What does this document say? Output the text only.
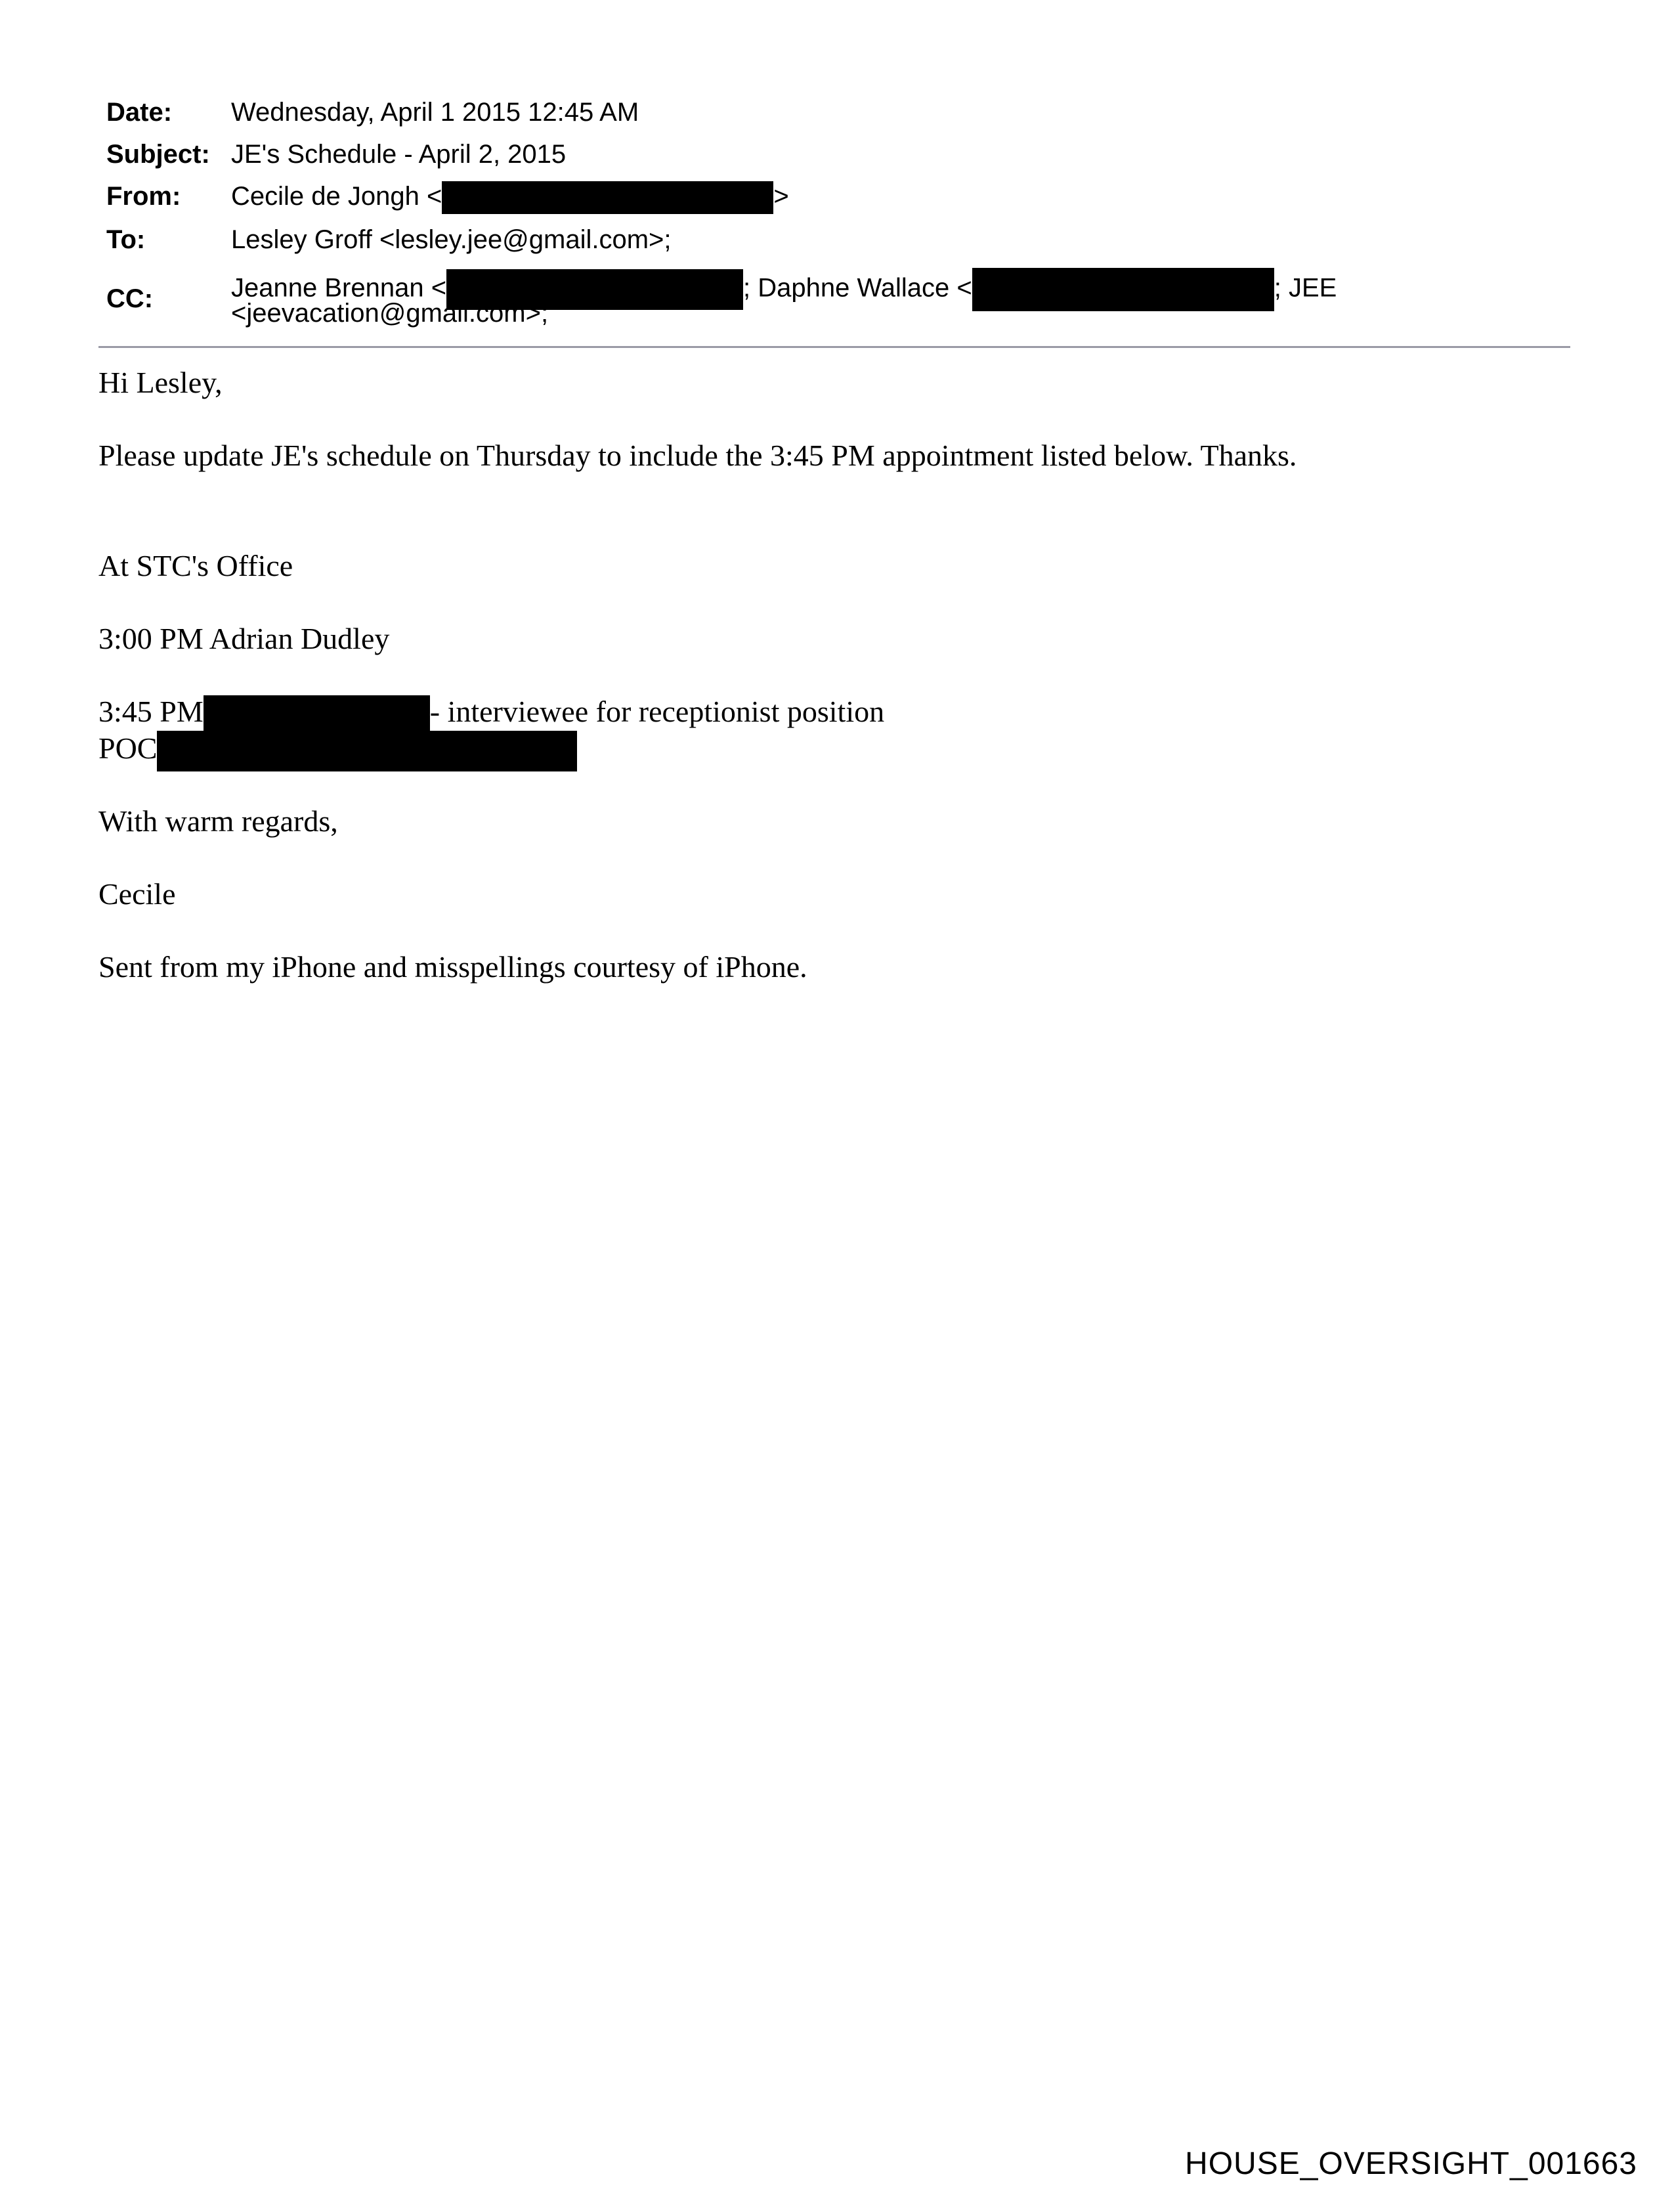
Date: Wednesday, April 1 2015 12:45 AM
Subject: JE's Schedule - April 2, 2015
From: Cecile de Jongh <	>
To:	Lesley Groff <lesley.jee@gmail.com>;
CC:	Jeanne Brennan <	; Daphne Wallace <	; JEE
<jeevacation@gmail.com>;
Hi Lesley,
Please update JE's schedule on Thursday to include the 3:45 PM appointment listed below. Thanks.
At STC's Office
3:00 PM Adrian Dudley
3:45 PM	- interviewee for receptionist position
POC
With warm regards,
Cecile
Sent from my iPhone and misspellings courtesy of iPhone.
HOUSE_OVERSIGHT_001663
